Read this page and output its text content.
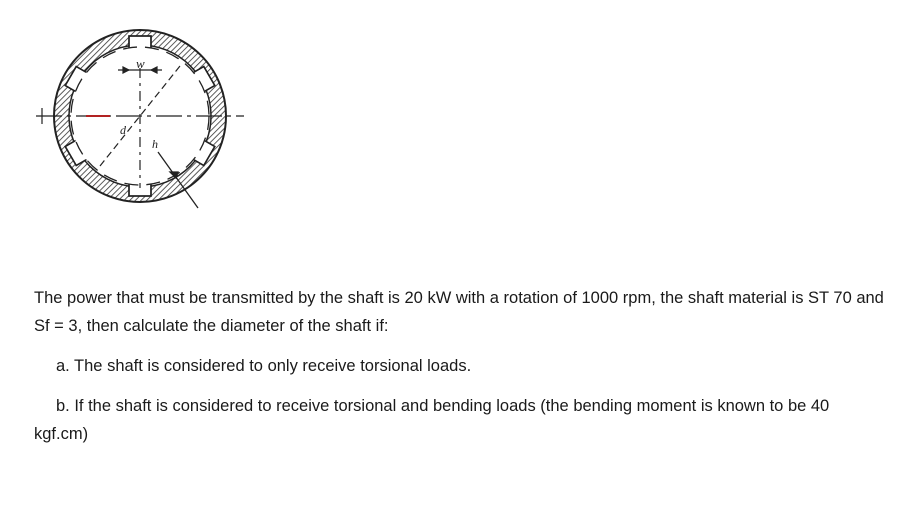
w
d
h

The power that must be transmitted by the shaft is 20 kW with a rotation of 1000 rpm, the shaft material is ST 70 and Sf = 3, then calculate the diameter of the shaft if:

a. The shaft is considered to only receive torsional loads.

b. If the shaft is considered to receive torsional and bending loads (the bending moment is known to be 40 kgf.cm)
